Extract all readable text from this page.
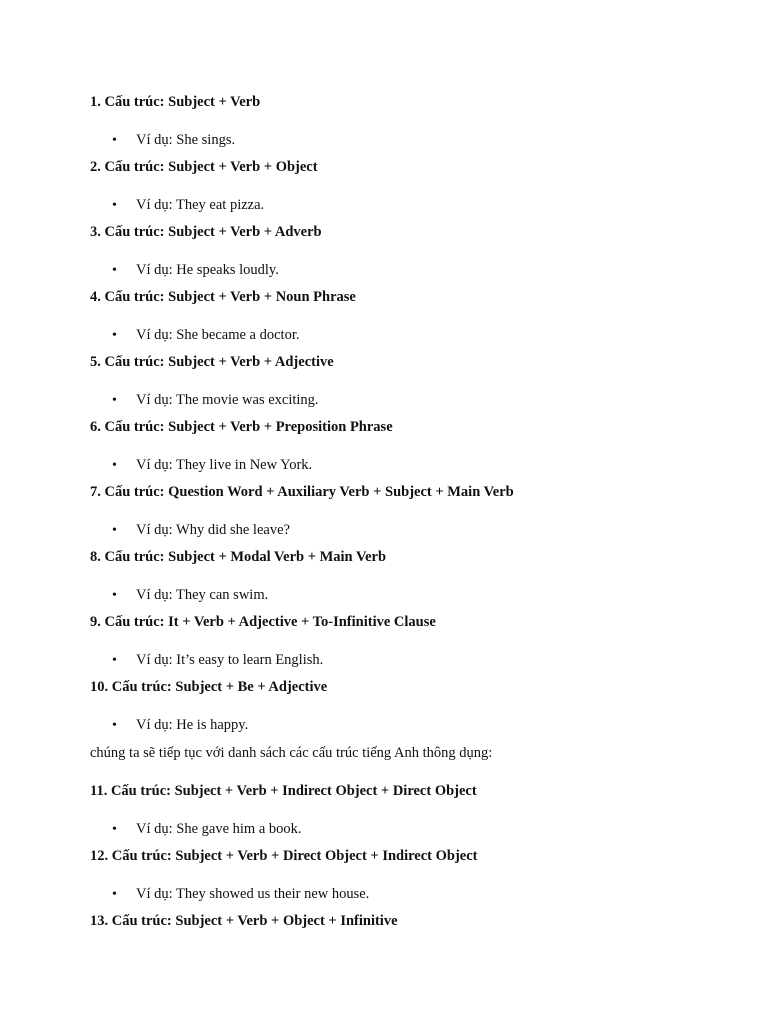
1. Cấu trúc: Subject + Verb
• Ví dụ: She sings.
2. Cấu trúc: Subject + Verb + Object
• Ví dụ: They eat pizza.
3. Cấu trúc: Subject + Verb + Adverb
• Ví dụ: He speaks loudly.
4. Cấu trúc: Subject + Verb + Noun Phrase
• Ví dụ: She became a doctor.
5. Cấu trúc: Subject + Verb + Adjective
• Ví dụ: The movie was exciting.
6. Cấu trúc: Subject + Verb + Preposition Phrase
• Ví dụ: They live in New York.
7. Cấu trúc: Question Word + Auxiliary Verb + Subject + Main Verb
• Ví dụ: Why did she leave?
8. Cấu trúc: Subject + Modal Verb + Main Verb
• Ví dụ: They can swim.
9. Cấu trúc: It + Verb + Adjective + To-Infinitive Clause
• Ví dụ: It’s easy to learn English.
10. Cấu trúc: Subject + Be + Adjective
• Ví dụ: He is happy.
chúng ta sẽ tiếp tục với danh sách các cấu trúc tiếng Anh thông dụng:
11. Cấu trúc: Subject + Verb + Indirect Object + Direct Object
• Ví dụ: She gave him a book.
12. Cấu trúc: Subject + Verb + Direct Object + Indirect Object
• Ví dụ: They showed us their new house.
13. Cấu trúc: Subject + Verb + Object + Infinitive
